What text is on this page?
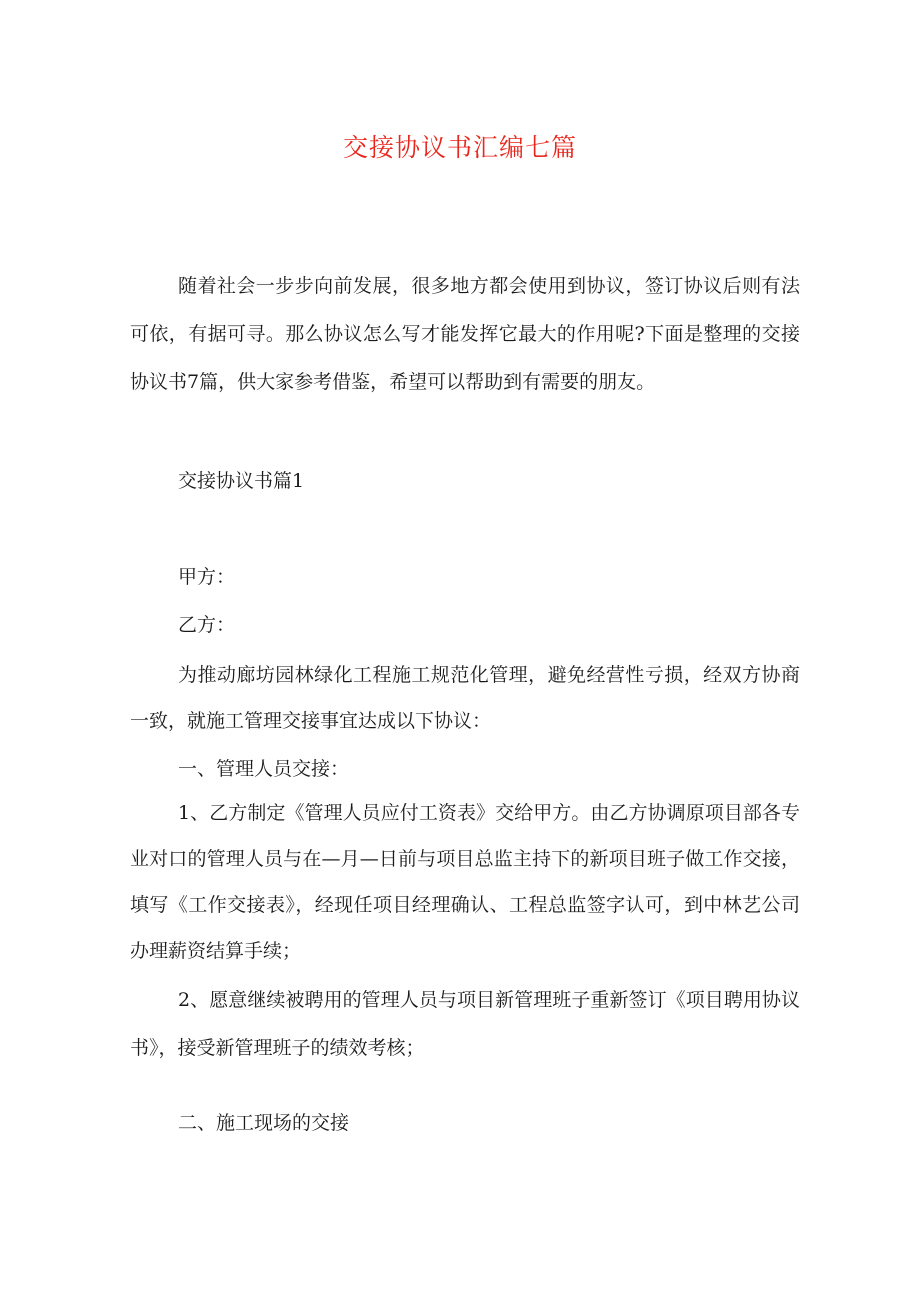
交接协议书汇编七篇

随着社会一步步向前发展，很多地方都会使用到协议，签订协议后则有法可依，有据可寻。那么协议怎么写才能发挥它最大的作用呢?下面是整理的交接协议书7篇，供大家参考借鉴，希望可以帮助到有需要的朋友。

交接协议书篇1

甲方：

乙方：

为推动廊坊园林绿化工程施工规范化管理，避免经营性亏损，经双方协商一致，就施工管理交接事宜达成以下协议：

一、管理人员交接：

1、乙方制定《管理人员应付工资表》交给甲方。由乙方协调原项目部各专业对口的管理人员与在—月—日前与项目总监主持下的新项目班子做工作交接，填写《工作交接表》，经现任项目经理确认、工程总监签字认可，到中林艺公司办理薪资结算手续；

2、愿意继续被聘用的管理人员与项目新管理班子重新签订《项目聘用协议书》，接受新管理班子的绩效考核；

二、施工现场的交接
